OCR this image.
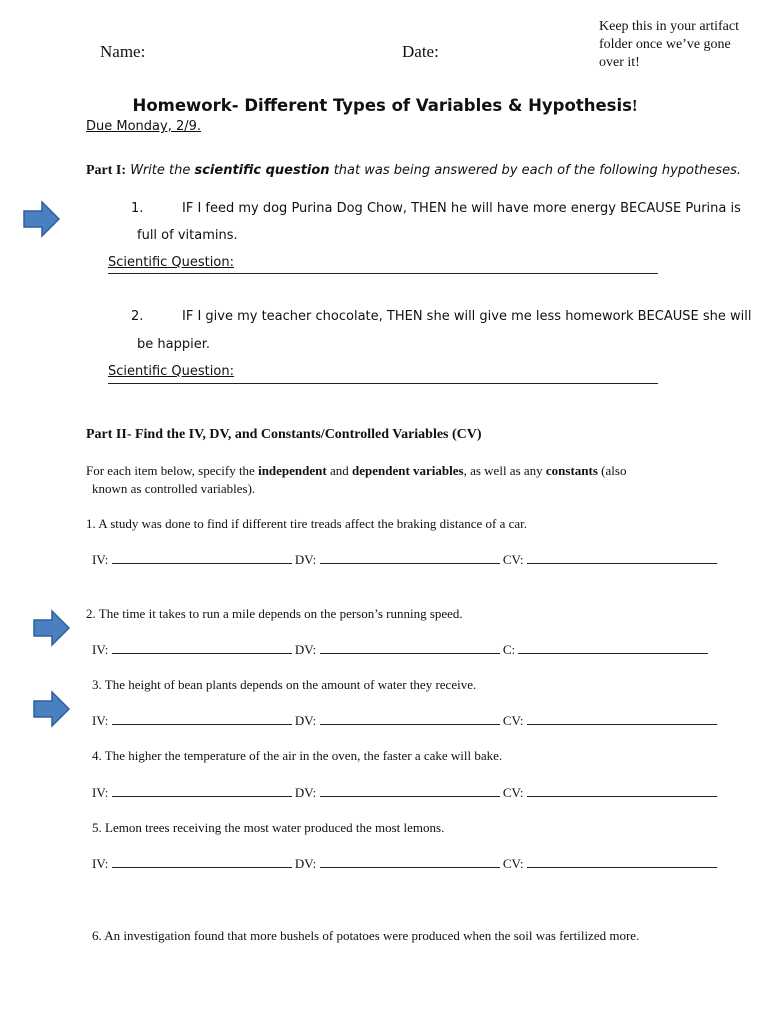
Name:	Date:
Keep this in your artifact folder once we’ve gone over it!
Homework- Different Types of Variables & Hypothesis!
Due Monday, 2/9.
Part I: Write the scientific question that was being answered by each of the following hypotheses.
1.	IF I feed my dog Purina Dog Chow, THEN he will have more energy BECAUSE Purina is
full of vitamins.
Scientific Question:
2.	IF I give my teacher chocolate, THEN she will give me less homework BECAUSE she will
be happier.
Scientific Question:
Part II- Find the IV, DV, and Constants/Controlled Variables (CV)
For each item below, specify the independent and dependent variables, as well as any constants (also
known as controlled variables).
1. A study was done to find if different tire treads affect the braking distance of a car.
IV:	DV:	CV:
2. The time it takes to run a mile depends on the person’s running speed.
IV:	DV:	C:
3. The height of bean plants depends on the amount of water they receive.
IV:	DV:	CV:
4. The higher the temperature of the air in the oven, the faster a cake will bake.
IV:	DV:	CV:
5. Lemon trees receiving the most water produced the most lemons.
IV:	DV:	CV:
6. An investigation found that more bushels of potatoes were produced when the soil was fertilized more.
